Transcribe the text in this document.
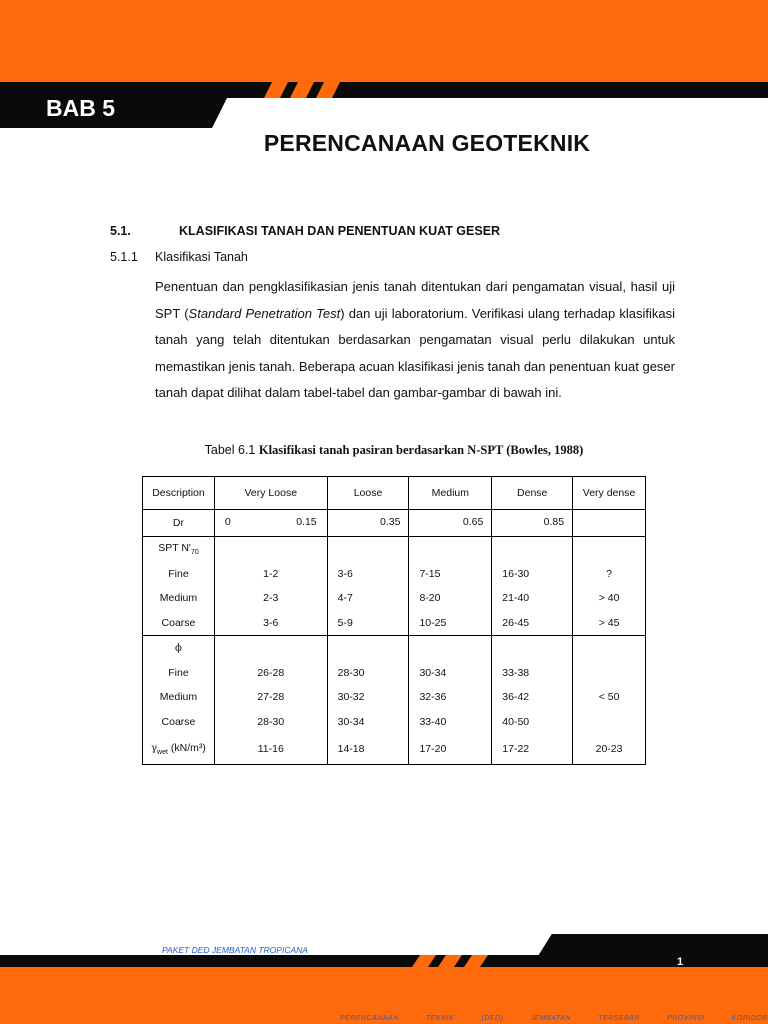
BAB 5
PERENCANAAN GEOTEKNIK
5.1.	KLASIFIKASI TANAH DAN PENENTUAN KUAT GESER
5.1.1 Klasifikasi Tanah
Penentuan dan pengklasifikasian jenis tanah ditentukan dari pengamatan visual, hasil uji SPT (Standard Penetration Test) dan uji laboratorium. Verifikasi ulang terhadap klasifikasi tanah yang telah ditentukan berdasarkan pengamatan visual perlu dilakukan untuk memastikan jenis tanah. Beberapa acuan klasifikasi jenis tanah dan penentuan kuat geser tanah dapat dilihat dalam tabel-tabel dan gambar-gambar di bawah ini.
Tabel 6.1 Klasifikasi tanah pasiran berdasarkan N-SPT (Bowles, 1988)
Description	Very Loose	Loose	Medium	Dense	Very dense
Dr	0 0.15	0.35	0.65	0.85	

SPT $N'_{70}$					
Fine	1-2	3-6	7-15	16-30	?
Medium	2-3	4-7	8-20	21-40	> 40
Coarse	3-6	5-9	10-25	26-45	> 45
ϕ					
Fine	26-28	28-30	30-34	33-38	
Medium	27-28	30-32	32-36	36-42	< 50
Coarse	28-30	30-34	33-40	40-50	
$\gamma_{wet}$ (kN/m³)	11-16	14-18	17-20	17-22	20-23
PAKET DED JEMBATAN TROPICANA
1
PERENCANAAN	TEKNIK	(DED)	JEMBATAN	TERSEBAR	PROVINSI	KORIDOR
